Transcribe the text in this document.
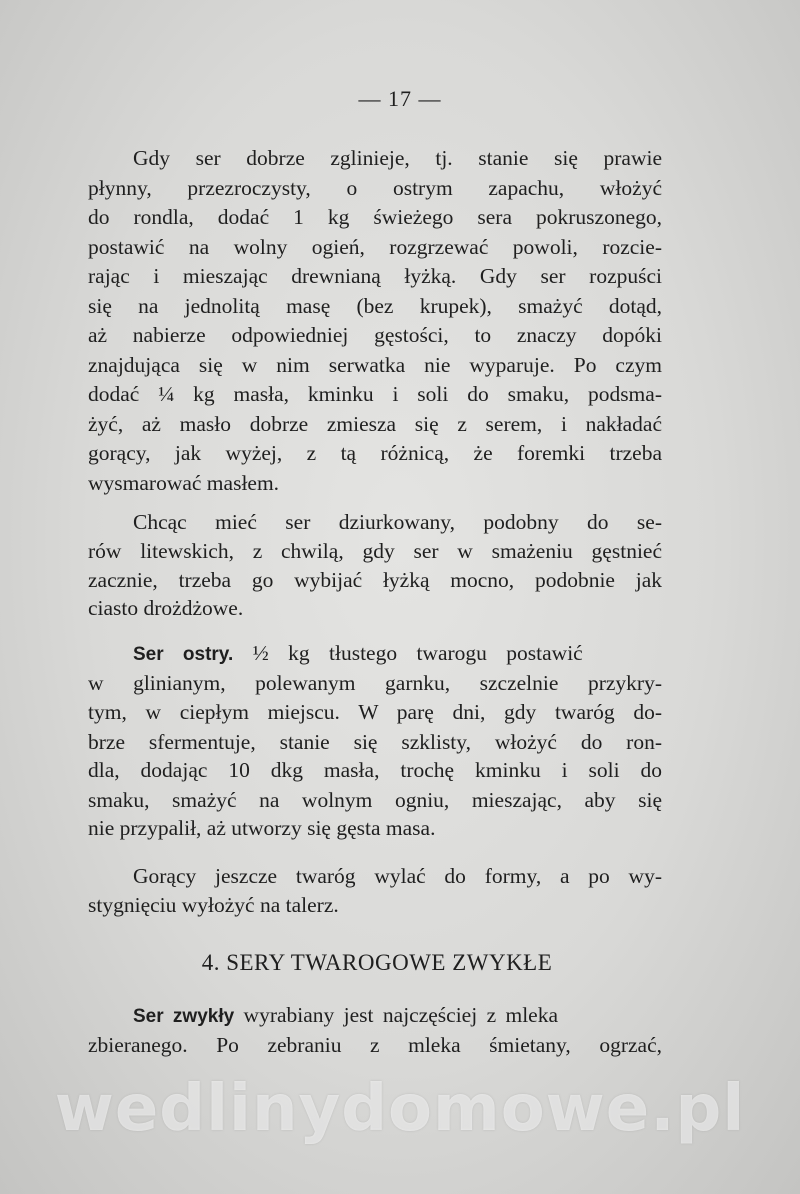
— 17 —
Gdy ser dobrze zglinieje, tj. stanie się prawie
płynny, przezroczysty, o ostrym zapachu, włożyć
do rondla, dodać 1 kg świeżego sera pokruszonego,
postawić na wolny ogień, rozgrzewać powoli, rozcie-
rając i mieszając drewnianą łyżką. Gdy ser rozpuści
się na jednolitą masę (bez krupek), smażyć dotąd,
aż nabierze odpowiedniej gęstości, to znaczy dopóki
znajdująca się w nim serwatka nie wyparuje. Po czym
dodać ¼ kg masła, kminku i soli do smaku, podsma-
żyć, aż masło dobrze zmiesza się z serem, i nakładać
gorący, jak wyżej, z tą różnicą, że foremki trzeba
wysmarować masłem.
Chcąc mieć ser dziurkowany, podobny do se-
rów litewskich, z chwilą, gdy ser w smażeniu gęstnieć
zacznie, trzeba go wybijać łyżką mocno, podobnie jak
ciasto drożdżowe.
Ser ostry. ½ kg tłustego twarogu postawić
w glinianym, polewanym garnku, szczelnie przykry-
tym, w ciepłym miejscu. W parę dni, gdy twaróg do-
brze sfermentuje, stanie się szklisty, włożyć do ron-
dla, dodając 10 dkg masła, trochę kminku i soli do
smaku, smażyć na wolnym ogniu, mieszając, aby się
nie przypalił, aż utworzy się gęsta masa.
Gorący jeszcze twaróg wylać do formy, a po wy-
stygnięciu wyłożyć na talerz.
4. SERY TWAROGOWE ZWYKŁE
Ser zwykły wyrabiany jest najczęściej z mleka
zbieranego. Po zebraniu z mleka śmietany, ogrzać,
wedlinydomowe.pl
